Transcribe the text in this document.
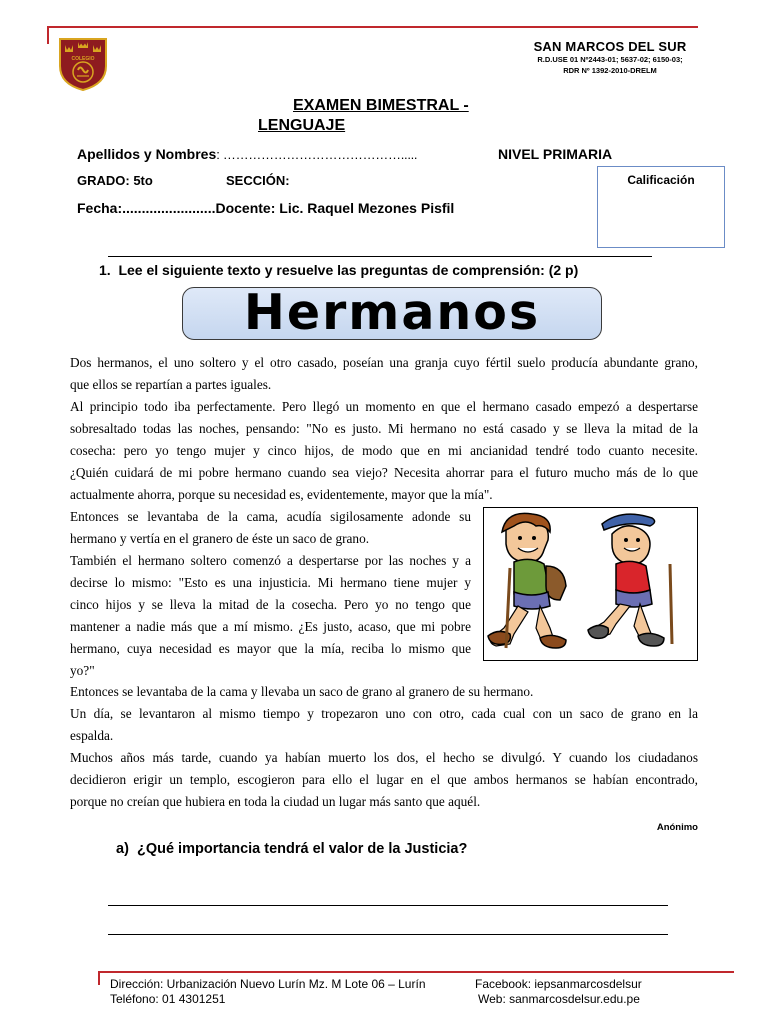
COLEGIO
SAN MARCOS DEL SUR
R.D.USE 01 Nº2443-01; 5637-02; 6150-03;
RDR Nº 1392-2010-DRELM
EXAMEN BIMESTRAL -
LENGUAJE
Apellidos y Nombres: …………………………………….....	NIVEL PRIMARIA
GRADO: 5to	SECCIÓN:
Fecha:........................Docente: Lic. Raquel Mezones Pisfil
Calificación
1. Lee el siguiente texto y resuelve las preguntas de comprensión: (2 p)
Hermanos
Dos hermanos, el uno soltero y el otro casado, poseían una granja cuyo fértil suelo producía abundante grano,
que ellos se repartían a partes iguales.
Al principio todo iba perfectamente. Pero llegó un momento en que el hermano casado empezó a despertarse
sobresaltado todas las noches, pensando: "No es justo. Mi hermano no está casado y se lleva la mitad de la
cosecha: pero yo tengo mujer y cinco hijos, de modo que en mi ancianidad tendré todo cuanto necesite.
¿Quién cuidará de mi pobre hermano cuando sea viejo? Necesita ahorrar para el futuro mucho más de lo que
actualmente ahorra, porque su necesidad es, evidentemente, mayor que la mía".
Entonces se levantaba de la cama, acudía sigilosamente adonde su
hermano y vertía en el granero de éste un saco de grano.
También el hermano soltero comenzó a despertarse por las noches y a
decirse lo mismo: "Esto es una injusticia. Mi hermano tiene mujer y
cinco hijos y se lleva la mitad de la cosecha. Pero yo no tengo que
mantener a nadie más que a mí mismo. ¿Es justo, acaso, que mi pobre
hermano, cuya necesidad es mayor que la mía, reciba lo mismo que
yo?"
Entonces se levantaba de la cama y llevaba un saco de grano al granero de su hermano.
Un día, se levantaron al mismo tiempo y tropezaron uno con otro, cada cual con un saco de grano en la
espalda.
Muchos años más tarde, cuando ya habían muerto los dos, el hecho se divulgó. Y cuando los ciudadanos
decidieron erigir un templo, escogieron para ello el lugar en el que ambos hermanos se habían encontrado,
porque no creían que hubiera en toda la ciudad un lugar más santo que aquél.
Anónimo
a) ¿Qué importancia tendrá el valor de la Justicia?
Dirección: Urbanización Nuevo Lurín Mz. M Lote 06 – Lurín
Teléfono: 01 4301251
Facebook: iepsanmarcosdelsur
Web: sanmarcosdelsur.edu.pe
